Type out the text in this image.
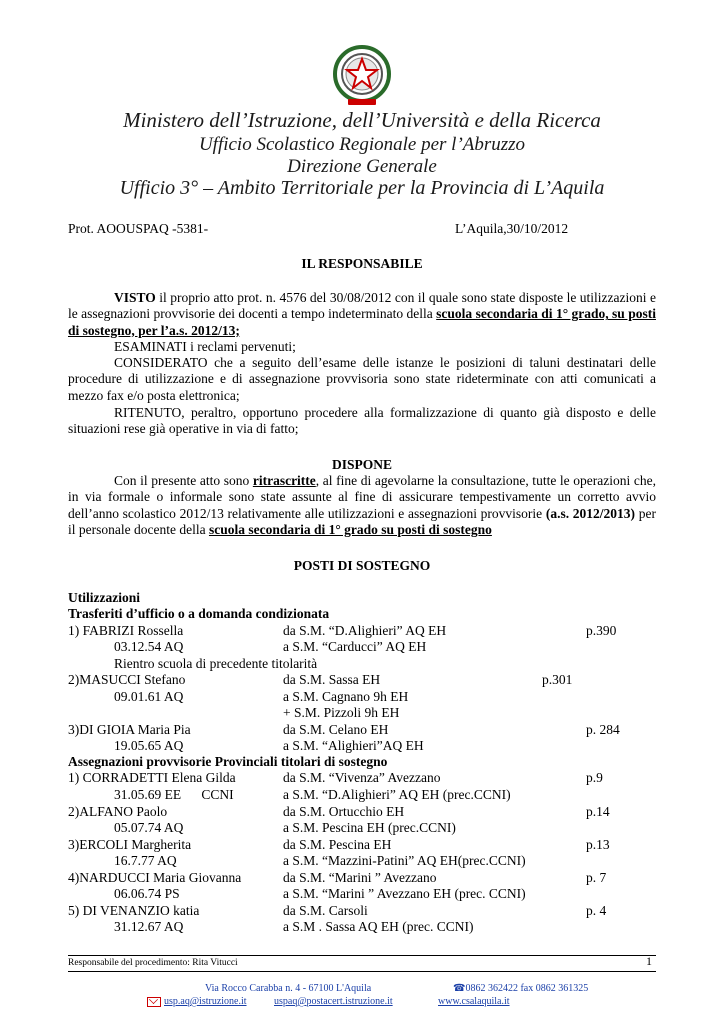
Ministero dell’Istruzione, dell’Università e della Ricerca
Ufficio Scolastico Regionale per l’Abruzzo
Direzione Generale
Ufficio 3° – Ambito Territoriale per la Provincia di L’Aquila
Prot. AOOUSPAQ -5381-	L’Aquila,30/10/2012
IL RESPONSABILE
VISTO il proprio atto prot. n. 4576 del 30/08/2012 con il quale sono state disposte le utilizzazioni e le assegnazioni provvisorie dei docenti a tempo indeterminato della scuola secondaria di 1° grado, su posti di sostegno, per l’a.s. 2012/13;
ESAMINATI i reclami pervenuti;
CONSIDERATO che a seguito dell’esame delle istanze le posizioni di taluni destinatari delle procedure di utilizzazione e di assegnazione provvisoria sono state rideterminate con atti comunicati a mezzo fax e/o posta elettronica;
RITENUTO, peraltro, opportuno procedere alla formalizzazione di quanto già disposto e delle situazioni rese già operative in via di fatto;
DISPONE
Con il presente atto sono ritrascritte, al fine di agevolarne la consultazione, tutte le operazioni che, in via formale o informale sono state assunte al fine di assicurare tempestivamente un corretto avvio dell’anno scolastico 2012/13 relativamente alle utilizzazioni e assegnazioni provvisorie (a.s. 2012/2013) per il personale docente della scuola secondaria di 1° grado su posti di sostegno
POSTI DI SOSTEGNO
Utilizzazioni
Trasferiti d’ufficio o a domanda condizionata
1) FABRIZI Rossella	da S.M. “D.Alighieri” AQ EH	p.390
03.12.54 AQ	a S.M. “Carducci” AQ EH
Rientro scuola di precedente titolarità
2)MASUCCI Stefano	da S.M. Sassa EH	p.301
09.01.61 AQ	a S.M. Cagnano 9h EH
+ S.M. Pizzoli 9h EH
3)DI GIOIA Maria Pia	da S.M. Celano EH	p. 284
19.05.65 AQ	a S.M. “Alighieri”AQ EH
Assegnazioni provvisorie Provinciali titolari di sostegno
1) CORRADETTI Elena Gilda	da S.M. “Vivenza” Avezzano	p.9
31.05.69 EE      CCNI	a S.M. “D.Alighieri” AQ EH (prec.CCNI)
2)ALFANO Paolo	da S.M. Ortucchio EH	p.14
05.07.74 AQ	a S.M. Pescina EH (prec.CCNI)
3)ERCOLI Margherita	da S.M. Pescina EH	p.13
16.7.77 AQ	a S.M. “Mazzini-Patini” AQ EH(prec.CCNI)
4)NARDUCCI Maria Giovanna	da S.M. “Marini ” Avezzano	p. 7
06.06.74 PS	a S.M. “Marini ” Avezzano EH (prec. CCNI)
5) DI VENANZIO katia	da S.M. Carsoli	p. 4
31.12.67 AQ	a S.M . Sassa AQ EH (prec. CCNI)
Responsabile del procedimento: Rita Vitucci	1
Via Rocco Carabba n. 4 - 67100 L'Aquila	☎0862 362422 fax 0862 361325
usp.aq@istruzione.it	uspaq@postacert.istruzione.it	www.csalaquila.it
